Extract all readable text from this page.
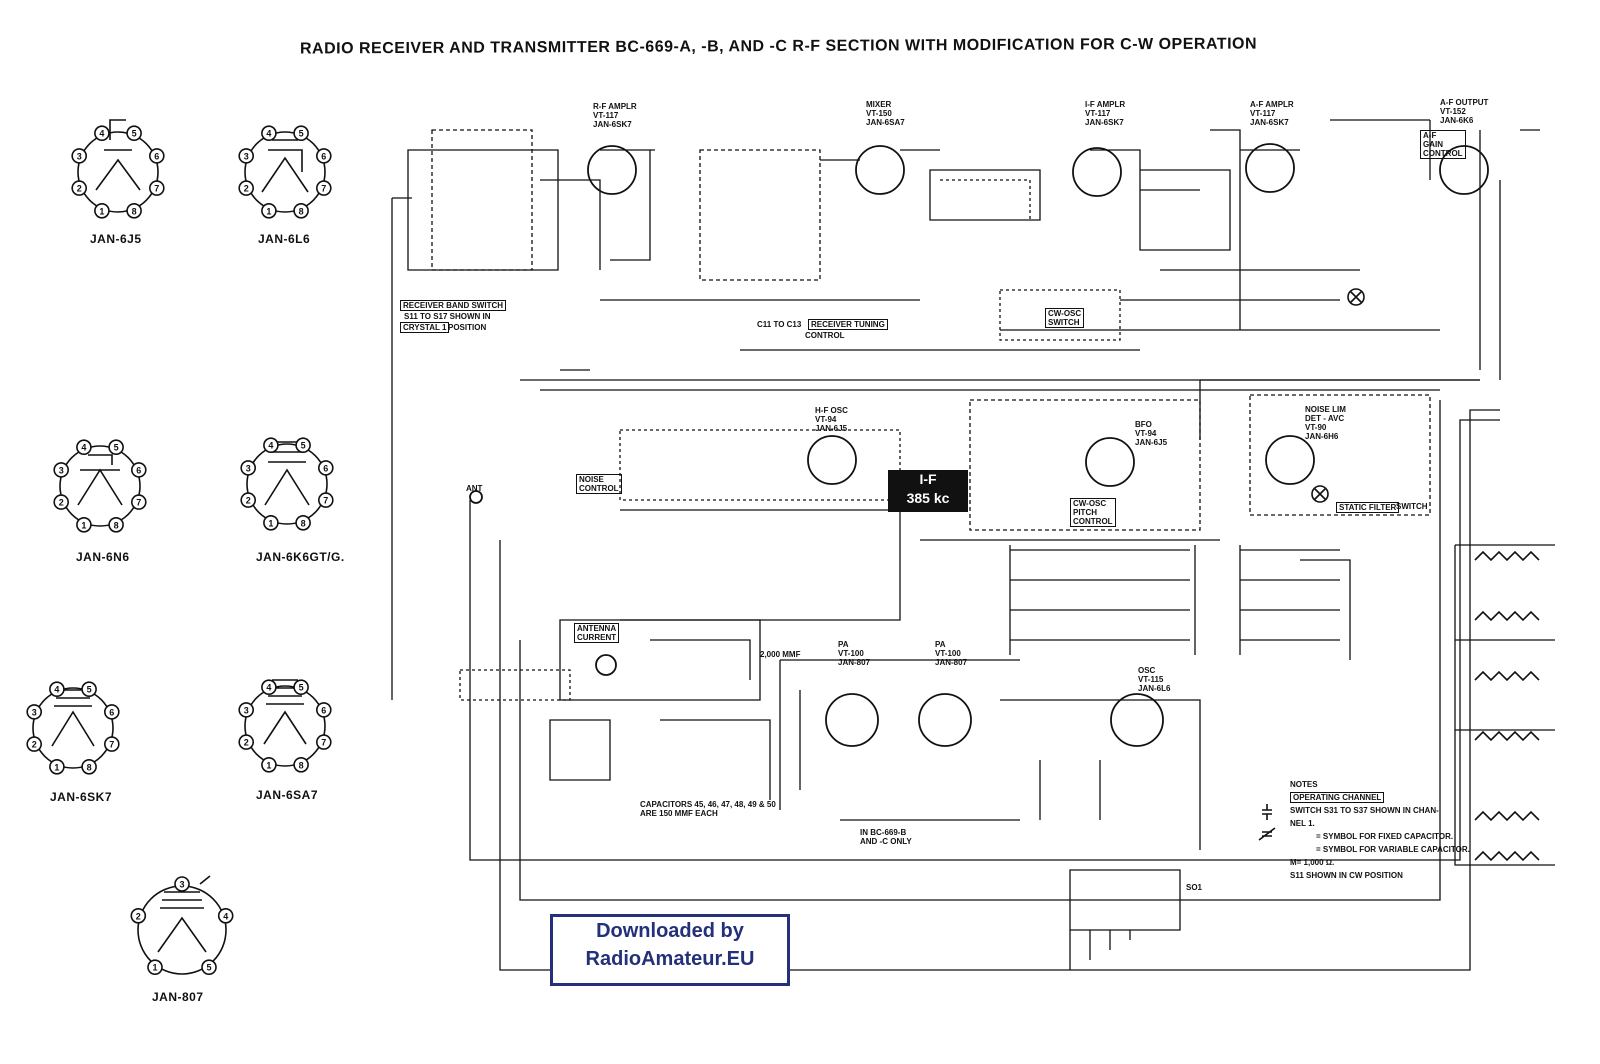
RADIO RECEIVER AND TRANSMITTER BC-669-A, -B, AND -C R-F SECTION WITH MODIFICATION FOR C-W OPERATION
1
2
3
4	5
6
7
8	1
2
3
4	5
6
7
8
1
2
3
4	5
6
7
8	1
2
3
4	5
6
7
8
1
2
3
4	5
6
7
8	1
2
3
4	5
6
7
8
1
2
3
4
5
JAN-6J5	JAN-6L6
JAN-6N6	JAN-6K6GT/G.
JAN-6SK7	JAN-6SA7
JAN-807
R-F AMPLR
VT-117
JAN-6SK7
MIXER
VT-150
JAN-6SA7
I-F AMPLR
VT-117
JAN-6SK7
A-F AMPLR
VT-117
JAN-6SK7
A-F OUTPUT
VT-152
JAN-6K6
H-F OSC
VT-94
JAN-6J5	BFO
VT-94
JAN-6J5
NOISE LIM
DET - AVC
VT-90
JAN-6H6
PA
VT-100
JAN-807
PA
VT-100
JAN-807
OSC
VT-115
JAN-6L6
RECEIVER BAND SWITCH
S11 TO S17 SHOWN IN
CRYSTAL 1 POSITION	C11 TO C13	RECEIVER TUNING
CONTROL
NOISE
CONTROL
CW-OSC
SWITCH
A-F
GAIN
CONTROL
STATIC FILTER SWITCH
CW-OSC
PITCH
CONTROL
ANTENNA
CURRENT
CAPACITORS 45, 46, 47, 48, 49 & 50
ARE 150 MMF EACH
IN BC-669-B
AND -C ONLY
ANT
SO1
2,000 MMF
I-F
385 kc
NOTES
OPERATING CHANNEL
SWITCH S31 TO S37 SHOWN IN CHAN-
NEL 1.
= SYMBOL FOR FIXED CAPACITOR.
= SYMBOL FOR VARIABLE CAPACITOR.
M= 1,000 Ω.
S11 SHOWN IN CW POSITION
Downloaded by
RadioAmateur.EU
